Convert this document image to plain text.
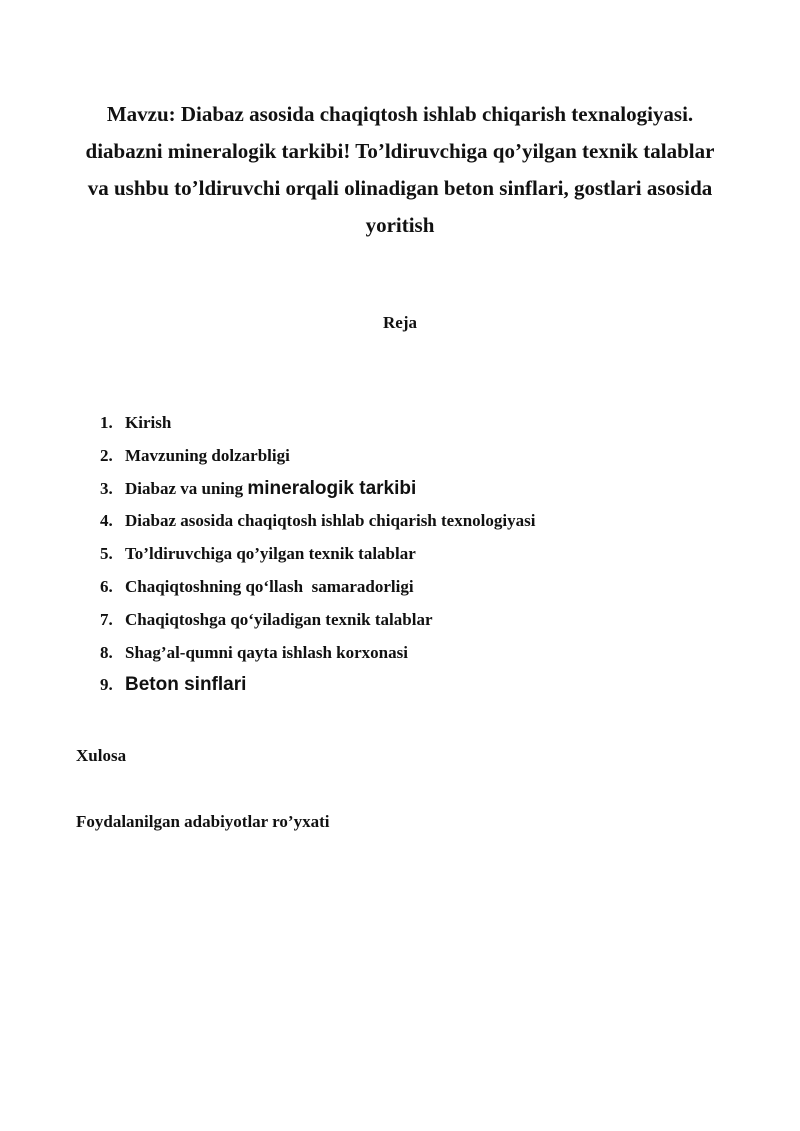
Mavzu: Diabaz asosida chaqiqtosh ishlab chiqarish texnalogiyasi.
diabazni mineralogik tarkibi! To’ldiruvchiga qo’yilgan texnik talablar
va ushbu to’ldiruvchi orqali olinadigan beton sinflari, gostlari asosida
yoritish
Reja
1. Kirish
2. Mavzuning dolzarbligi
3. Diabaz va uning mineralogik tarkibi
4. Diabaz asosida chaqiqtosh ishlab chiqarish texnologiyasi
5. To’ldiruvchiga qo’yilgan texnik talablar
6. Chaqiqtoshning qo‘llash  samaradorligi
7. Chaqiqtoshga qo‘yiladigan texnik talablar
8. Shag’al-qumni qayta ishlash korxonasi
9. Beton sinflari
Xulosa
Foydalanilgan adabiyotlar ro’yxati
